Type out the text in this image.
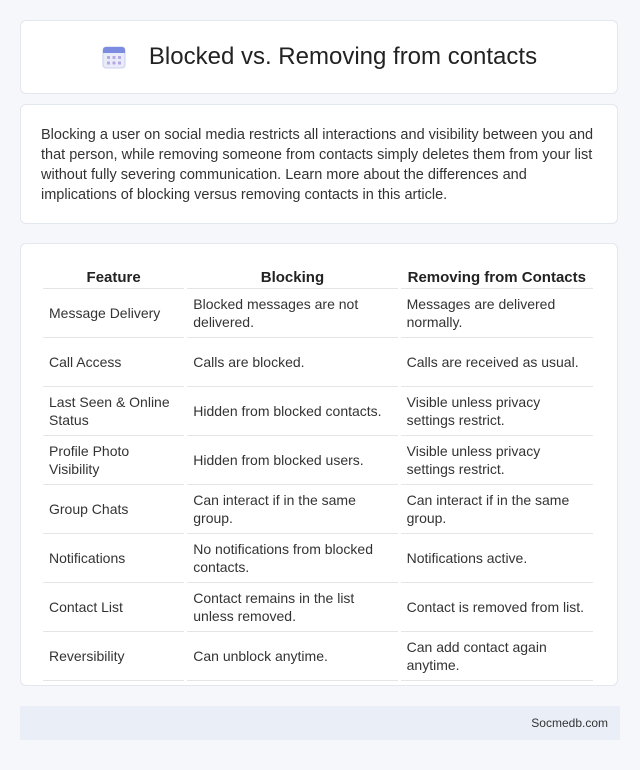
Blocked vs. Removing from contacts

Blocking a user on social media restricts all interactions and visibility between you and that person, while removing someone from contacts simply deletes them from your list without fully severing communication. Learn more about the differences and implications of blocking versus removing contacts in this article.

Feature	Blocking	Removing from Contacts
Message Delivery	Blocked messages are not delivered.	Messages are delivered normally.
Call Access	Calls are blocked.	Calls are received as usual.
Last Seen & Online Status	Hidden from blocked contacts.	Visible unless privacy settings restrict.
Profile Photo Visibility	Hidden from blocked users.	Visible unless privacy settings restrict.
Group Chats	Can interact if in the same group.	Can interact if in the same group.
Notifications	No notifications from blocked contacts.	Notifications active.
Contact List	Contact remains in the list unless removed.	Contact is removed from list.
Reversibility	Can unblock anytime.	Can add contact again anytime.
Socmedb.com
